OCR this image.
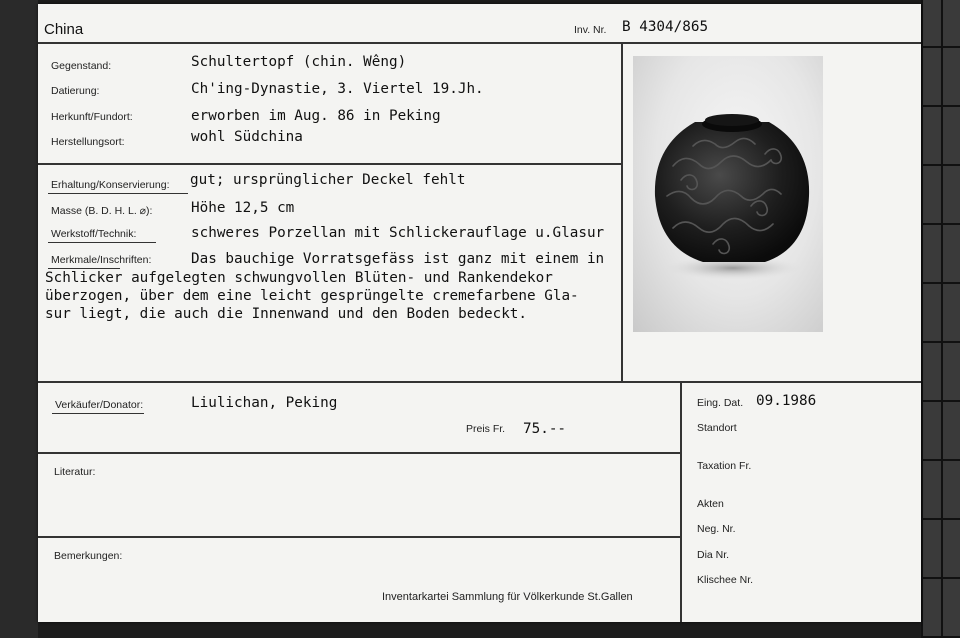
China	Inv. Nr. B 4304/865
Gegenstand:	Schultertopf (chin. Wêng)
Datierung:	Ch'ing-Dynastie, 3. Viertel 19.Jh.
Herkunft/Fundort:	erworben im Aug. 86 in Peking
Herstellungsort:	wohl Südchina
Erhaltung/Konservierung: gut; ursprünglicher Deckel fehlt
Masse (B. D. H. L. ⌀):	Höhe 12,5 cm
Werkstoff/Technik:	schweres Porzellan mit Schlickerauflage u.Glasur
Merkmale/Inschriften:	Das bauchige Vorratsgefäss ist ganz mit einem in
Schlicker aufgelegten schwungvollen Blüten- und Rankendekor
überzogen, über dem eine leicht gesprüngelte cremefarbene Gla-
sur liegt, die auch die Innenwand und den Boden bedeckt.
Verkäufer/Donator:	Liulichan, Peking
Preis Fr. 75.--
Literatur:
Bemerkungen:
Inventarkartei Sammlung für Völkerkunde St.Gallen
Eing. Dat. 09.1986
Standort
Taxation Fr.
Akten
Neg. Nr.
Dia Nr.
Klischee Nr.
